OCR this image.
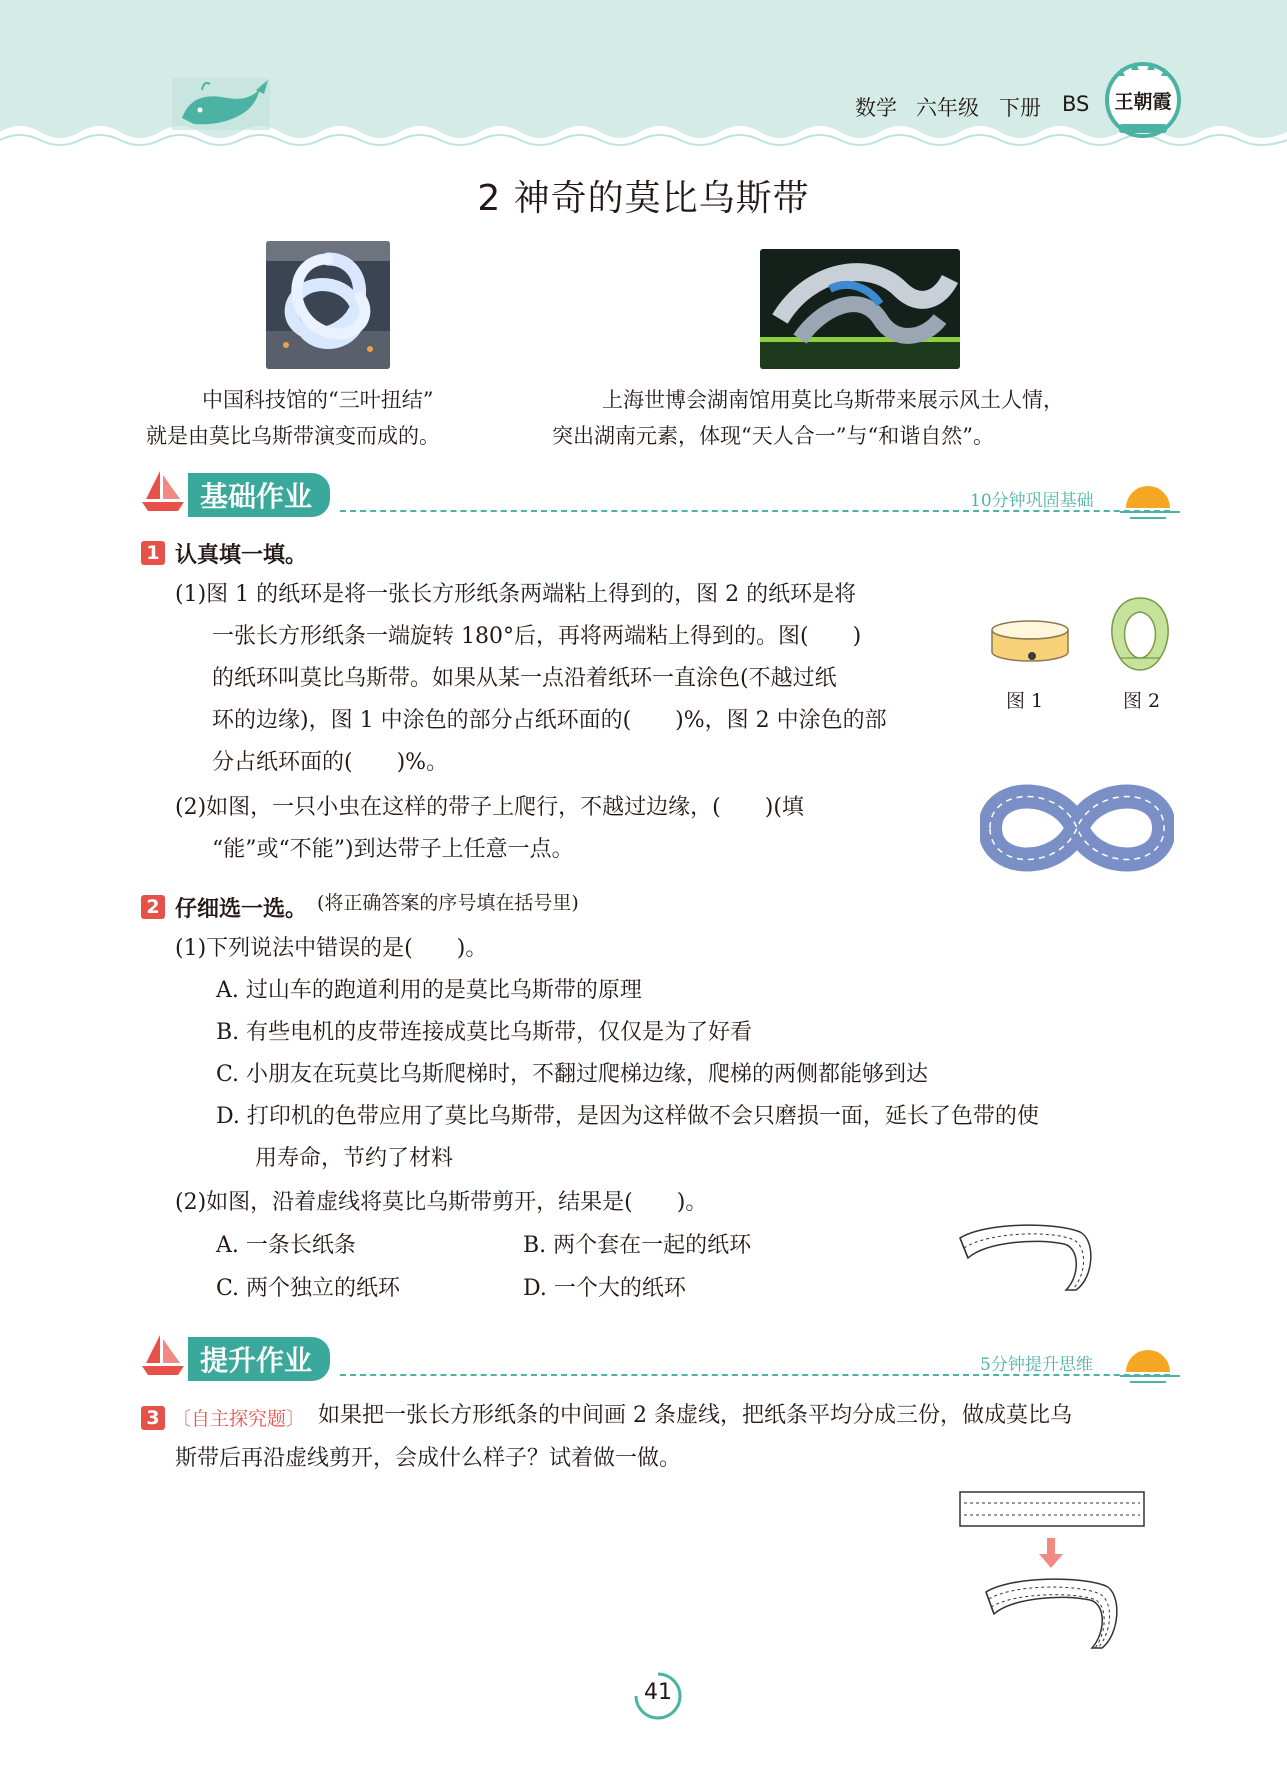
数学 六年级 下册 BS	王朝霞
2 神奇的莫比乌斯带
中国科技馆的“三叶扭结”
就是由莫比乌斯带演变而成的。
上海世博会湖南馆用莫比乌斯带来展示风土人情，
突出湖南元素，体现“天人合一”与“和谐自然”。
基础作业	10分钟巩固基础
1 认真填一填。
(1)图 1 的纸环是将一张长方形纸条两端粘上得到的，图 2 的纸环是将
一张长方形纸条一端旋转 180°后，再将两端粘上得到的。图(　　)
的纸环叫莫比乌斯带。如果从某一点沿着纸环一直涂色(不越过纸
环的边缘)，图 1 中涂色的部分占纸环面的(　　)%，图 2 中涂色的部
分占纸环面的(　　)%。
(2)如图，一只小虫在这样的带子上爬行，不越过边缘，(　　)(填
“能”或“不能”)到达带子上任意一点。
图 1	图 2
2 仔细选一选。 (将正确答案的序号填在括号里)
(1)下列说法中错误的是(　　)。
A. 过山车的跑道利用的是莫比乌斯带的原理
B. 有些电机的皮带连接成莫比乌斯带，仅仅是为了好看
C. 小朋友在玩莫比乌斯爬梯时，不翻过爬梯边缘，爬梯的两侧都能够到达
D. 打印机的色带应用了莫比乌斯带，是因为这样做不会只磨损一面，延长了色带的使
用寿命，节约了材料
(2)如图，沿着虚线将莫比乌斯带剪开，结果是(　　)。
A. 一条长纸条	B. 两个套在一起的纸环
C. 两个独立的纸环	D. 一个大的纸环
提升作业	5分钟提升思维
3 〔自主探究题〕 如果把一张长方形纸条的中间画 2 条虚线，把纸条平均分成三份，做成莫比乌
斯带后再沿虚线剪开，会成什么样子？试着做一做。
41
